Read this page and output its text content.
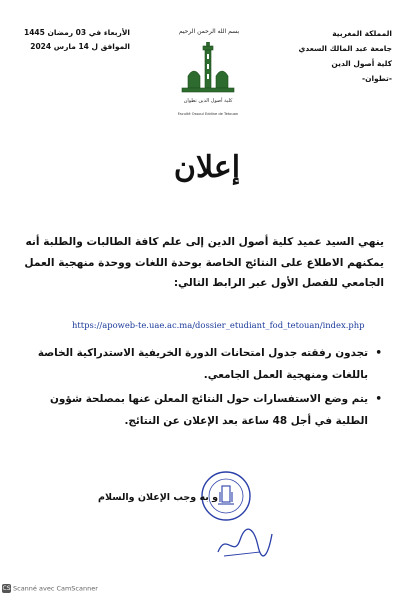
المملكة المغربية
جامعة عبد المالك السعدي
كلية أصول الدين
-تطوان-
الأربعاء في 03 رمضان 1445
الموافق ل 14 مارس 2024
بسم الله الرحمن الرحيم
كلية أصول الدين تطوان
Faculté Ossoul Eddine de Tetouan
إعلان
ينهي السيد عميد كلية أصول الدين إلى علم كافة الطالبات والطلبة أنه يمكنهم الاطلاع على النتائج الخاصة بوحدة اللغات ووحدة منهجية العمل الجامعي للفصل الأول عبر الرابط التالي:
https://apoweb-te.uae.ac.ma/dossier_etudiant_fod_tetouan/index.php
•
تجدون رفقته جدول امتحانات الدورة الخريفية الاستدراكية الخاصة باللغات ومنهجية العمل الجامعي.
•
يتم وضع الاستفسارات حول النتائج المعلن عنها بمصلحة شؤون الطلبة في أجل 48 ساعة بعد الإعلان عن النتائج.
و به وجب الإعلان والسلام
CS Scanné avec CamScanner
